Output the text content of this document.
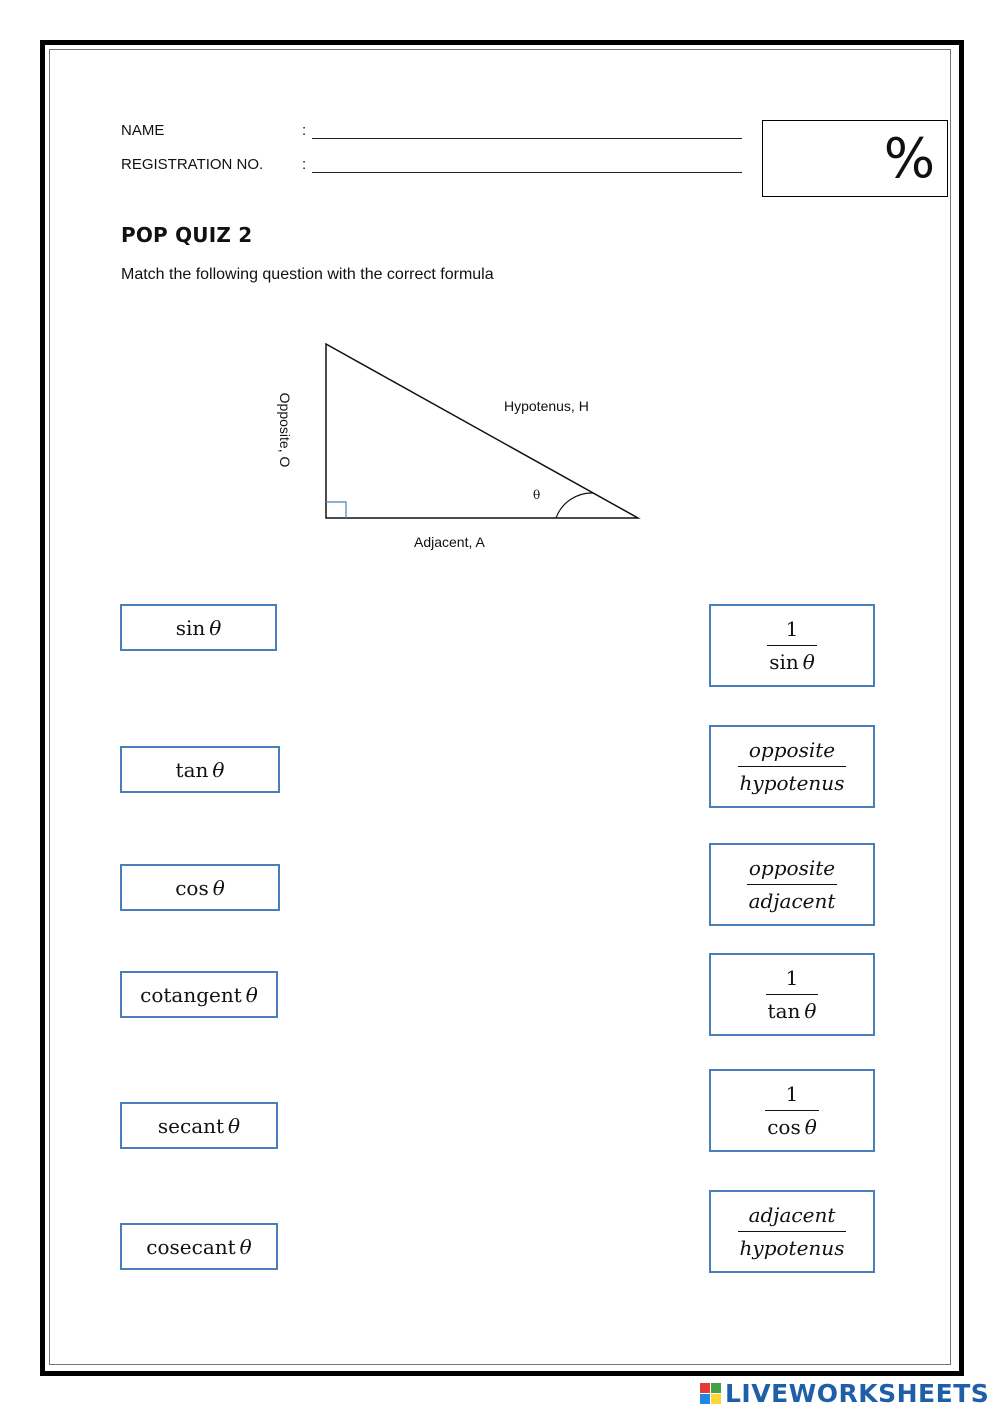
NAME	:
REGISTRATION NO.	:	%
POP QUIZ 2
Match the following question with the correct formula
Hypotenus, H
Opposite, O
Adjacent, A
θ
sin θ
tan θ
cos θ
cotangent θ
secant θ
cosecant θ
$\frac{1}{\text{sin θ}}$
$\frac{\text{opposite}}{\text{hypotenus}}$
$\frac{\text{opposite}}{\text{adjacent}}$
$\frac{1}{\text{tan θ}}$
$\frac{1}{\text{cos θ}}$
$\frac{\text{adjacent}}{\text{hypotenus}}$
LIVEWORKSHEETS
